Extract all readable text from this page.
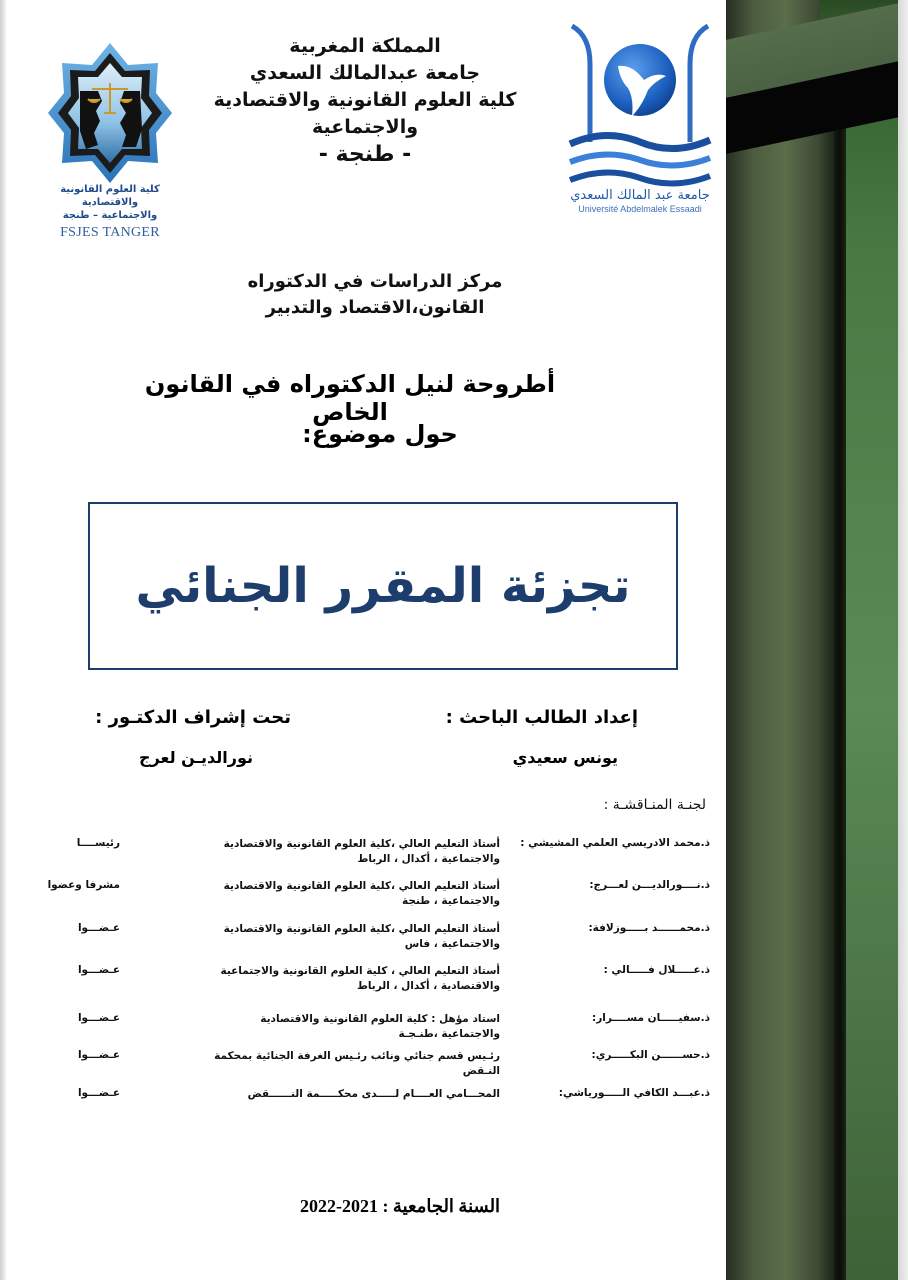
كلية العلوم القانونية والاقتصادية
والاجتماعية – طنجة
FSJES TANGER
المملكة المغربية
جامعة عبدالمالك السعدي
كلية العلوم القانونية والاقتصادية
والاجتماعية
- طنجة -
جامعة عبد المالك السعدي
Université Abdelmalek Essaadi
مركز الدراسات في الدكتوراه
القانون،الاقتصاد والتدبير
أطروحة لنيل الدكتوراه في القانون الخاص
حول موضوع:
تجزئة المقرر الجنائي
إعداد الطالب الباحث :
يونس سعيدي
تحت إشراف الدكتـور :
نورالديـن لعرج
لجنـة المنـاقشـة :
ذ.محمد الادريسي العلمي المشيشي :
أستاذ التعليم العالي ،كلية العلوم القانونية والاقتصادية والاجتماعية ، أكدال ، الرباط
رئيســــا
ذ.نــــورالديـــن لعـــرج:
أستاذ التعليم العالي ،كلية العلوم القانونية والاقتصادية والاجتماعية ، طنجة
مشرفا وعضوا
ذ.محمــــــد بـــــوزلافة:
أستاذ التعليم العالي ،كلية العلوم القانونية والاقتصادية والاجتماعية ، فاس
عـضـــوا
ذ.عـــــلال فـــــالي :
أستاذ التعليم العالي ، كلية العلوم القانونية والاجتماعية والاقتصادية ، أكدال ، الرباط
عـضـــوا
ذ.سفيـــــان مســــرار:
استاد مؤهل : كلية العلوم القانونية والاقتصادية والاجتماعية ،طنـجـة
عـضـــوا
ذ.حســــــن البكـــــري:
رئـيس قسم جنائي ونائب رئـيس الغرفة الجنائية بمحكمة النـقض
عـضـــوا
ذ.عبـــد الكافي الـــــورياشي:
المحـــامي العــــام لـــــدى محكـــــمة النــــــقض
عـضـــوا
السنة الجامعية : 2021-2022
